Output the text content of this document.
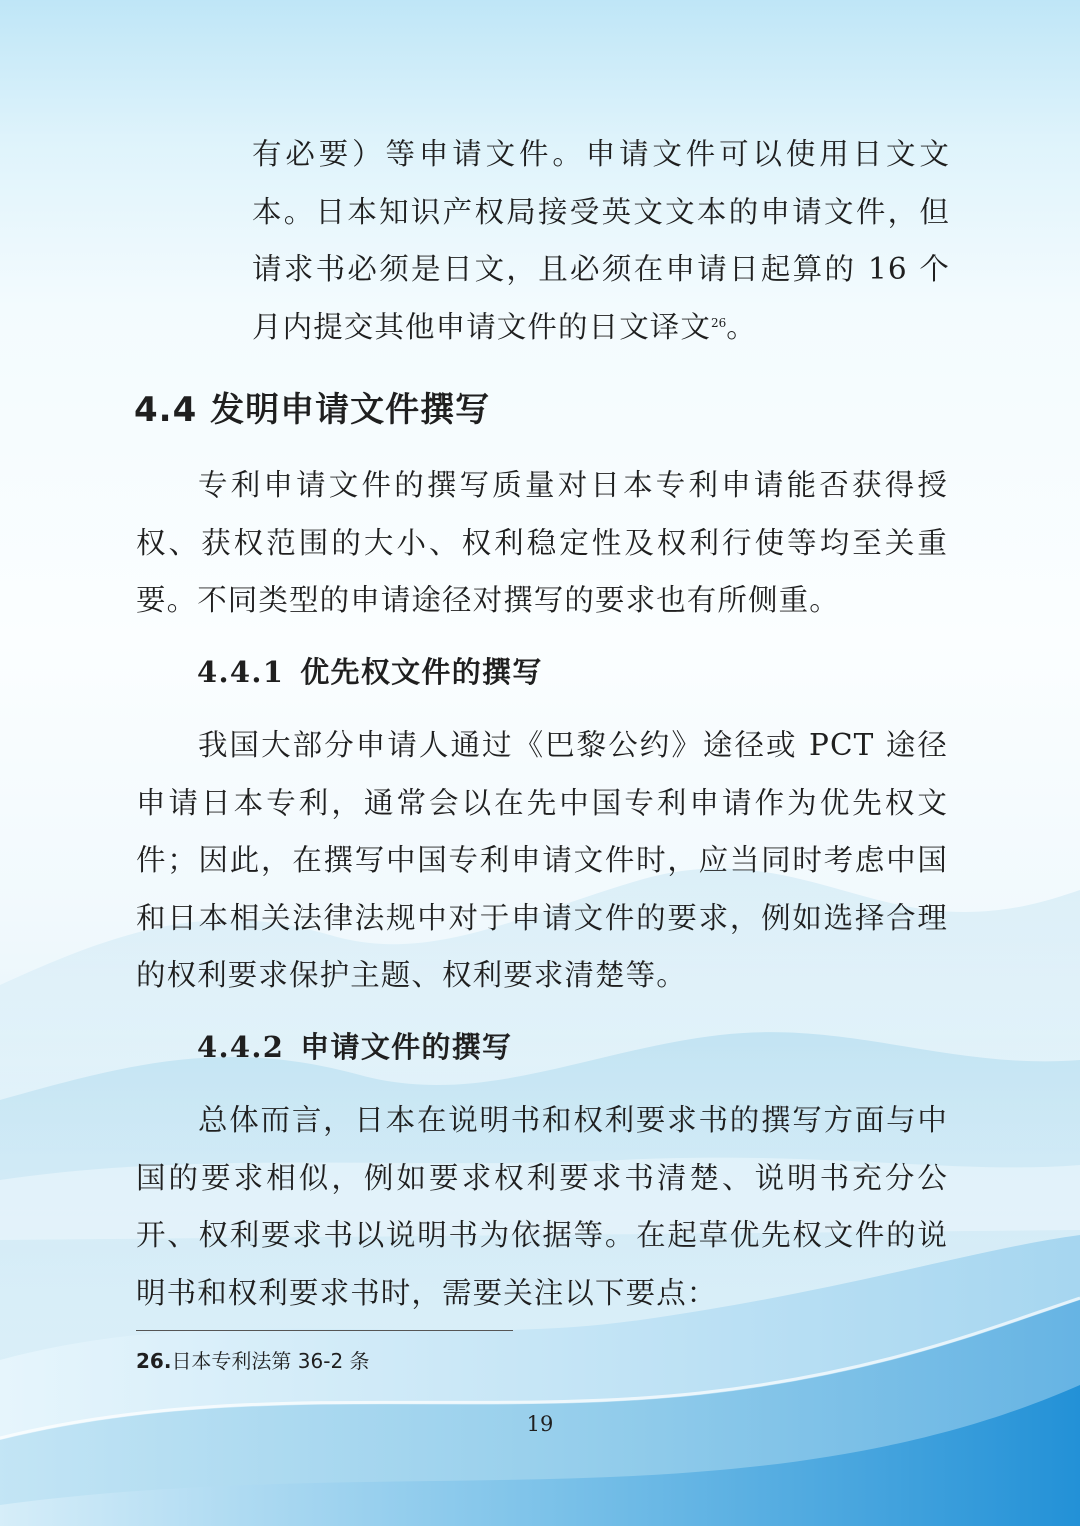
有必要）等申请文件。申请文件可以使用日文文本。日本知识产权局接受英文文本的申请文件，但请求书必须是日文，且必须在申请日起算的 16 个月内提交其他申请文件的日文译文$^{26}$。

4.4 发明申请文件撰写

专利申请文件的撰写质量对日本专利申请能否获得授权、获权范围的大小、权利稳定性及权利行使等均至关重要。不同类型的申请途径对撰写的要求也有所侧重。

4.4.1 优先权文件的撰写

我国大部分申请人通过《巴黎公约》途径或 PCT 途径申请日本专利，通常会以在先中国专利申请作为优先权文件；因此，在撰写中国专利申请文件时，应当同时考虑中国和日本相关法律法规中对于申请文件的要求，例如选择合理的权利要求保护主题、权利要求清楚等。

4.4.2 申请文件的撰写

总体而言，日本在说明书和权利要求书的撰写方面与中国的要求相似，例如要求权利要求书清楚、说明书充分公开、权利要求书以说明书为依据等。在起草优先权文件的说明书和权利要求书时，需要关注以下要点：

26.日本专利法第 36-2 条

19
